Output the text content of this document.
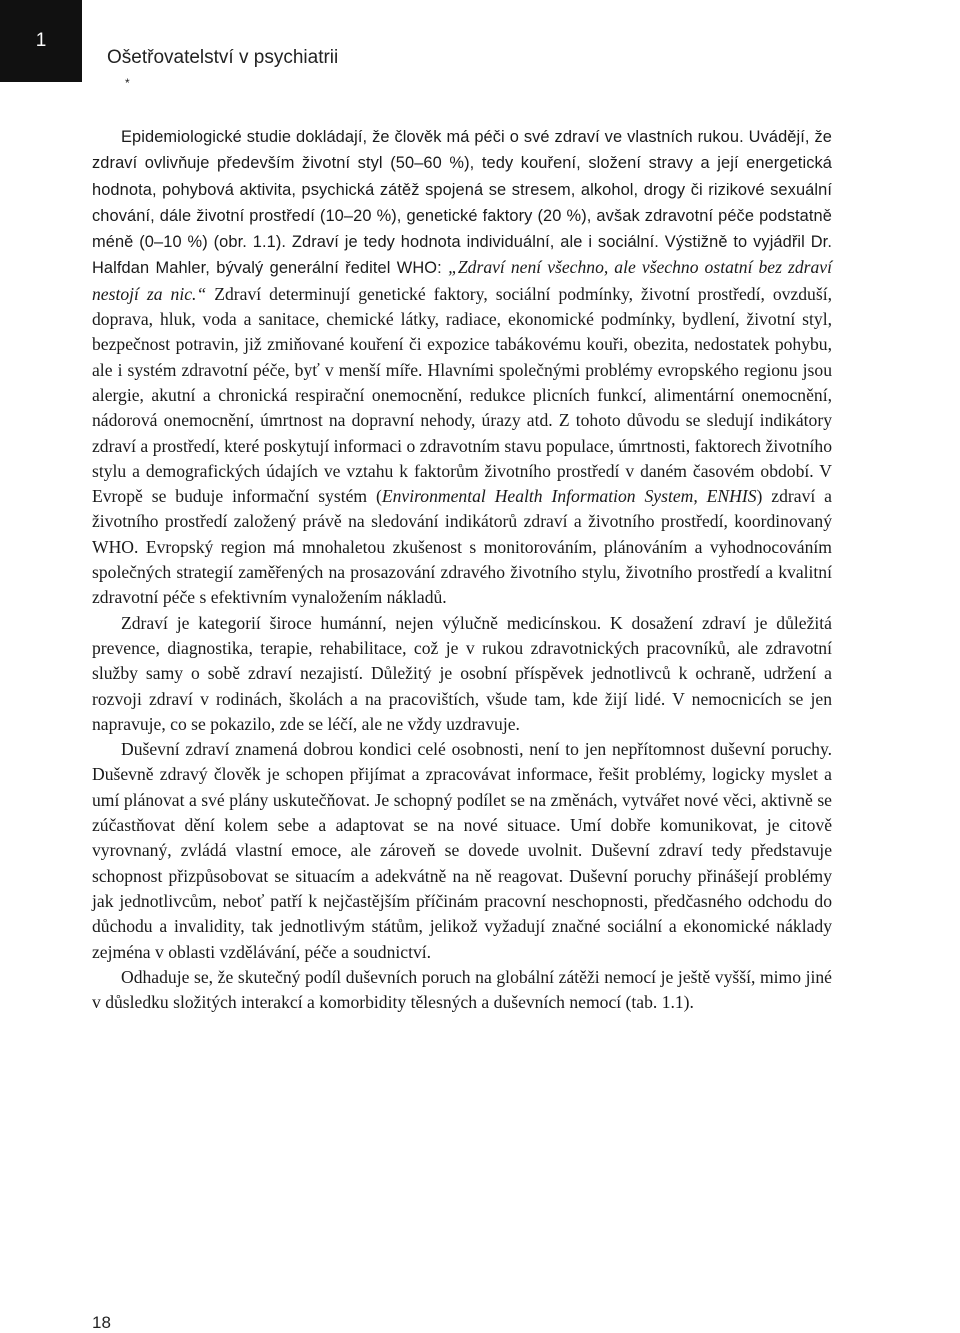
1
Ošetřovatelství v psychiatrii
*

Epidemiologické studie dokládají, že člověk má péči o své zdraví ve vlastních rukou. Uvádějí, že zdraví ovlivňuje především životní styl (50–60 %), tedy kouření, složení stravy a její energetická hodnota, pohybová aktivita, psychická zátěž spojená se stresem, alkohol, drogy či rizikové sexuální chování, dále životní prostředí (10–20 %), genetické faktory (20 %), avšak zdravotní péče podstatně méně (0–10 %) (obr. 1.1). Zdraví je tedy hodnota individuální, ale i sociální. Výstižně to vyjádřil Dr. Halfdan Mahler, bývalý generální ředitel WHO: „Zdraví není všechno, ale všechno ostatní bez zdraví nestojí za nic.“ Zdraví determinují genetické faktory, sociální podmínky, životní prostředí, ovzduší, doprava, hluk, voda a sanitace, chemické látky, radiace, ekonomické podmínky, bydlení, životní styl, bezpečnost potravin, již zmiňované kouření či expozice tabákovému kouři, obezita, nedostatek pohybu, ale i systém zdravotní péče, byť v menší míře. Hlavními společnými problémy evropského regionu jsou alergie, akutní a chronická respirační onemocnění, redukce plicních funkcí, alimentární onemocnění, nádorová onemocnění, úmrtnost na dopravní nehody, úrazy atd. Z tohoto důvodu se sledují indikátory zdraví a prostředí, které poskytují informaci o zdravotním stavu populace, úmrtnosti, faktorech životního stylu a demografických údajích ve vztahu k faktorům životního prostředí v daném časovém období. V Evropě se buduje informační systém (Environmental Health Information System, ENHIS) zdraví a životního prostředí založený právě na sledování indikátorů zdraví a životního prostředí, koordinovaný WHO. Evropský region má mnohaletou zkušenost s monitorováním, plánováním a vyhodnocováním společných strategií zaměřených na prosazování zdravého životního stylu, životního prostředí a kvalitní zdravotní péče s efektivním vynaložením nákladů.

Zdraví je kategorií široce humánní, nejen výlučně medicínskou. K dosažení zdraví je důležitá prevence, diagnostika, terapie, rehabilitace, což je v rukou zdravotnických pracovníků, ale zdravotní služby samy o sobě zdraví nezajistí. Důležitý je osobní příspěvek jednotlivců k ochraně, udržení a rozvoji zdraví v rodinách, školách a na pracovištích, všude tam, kde žijí lidé. V nemocnicích se jen napravuje, co se pokazilo, zde se léčí, ale ne vždy uzdravuje.

Duševní zdraví znamená dobrou kondici celé osobnosti, není to jen nepřítomnost duševní poruchy. Duševně zdravý člověk je schopen přijímat a zpracovávat informace, řešit problémy, logicky myslet a umí plánovat a své plány uskutečňovat. Je schopný podílet se na změnách, vytvářet nové věci, aktivně se zúčastňovat dění kolem sebe a adaptovat se na nové situace. Umí dobře komunikovat, je citově vyrovnaný, zvládá vlastní emoce, ale zároveň se dovede uvolnit. Duševní zdraví tedy představuje schopnost přizpůsobovat se situacím a adekvátně na ně reagovat. Duševní poruchy přinášejí problémy jak jednotlivcům, neboť patří k nejčastějším příčinám pracovní neschopnosti, předčasného odchodu do důchodu a invalidity, tak jednotlivým státům, jelikož vyžadují značné sociální a ekonomické náklady zejména v oblasti vzdělávání, péče a soudnictví.

Odhaduje se, že skutečný podíl duševních poruch na globální zátěži nemocí je ještě vyšší, mimo jiné v důsledku složitých interakcí a komorbidity tělesných a duševních nemocí (tab. 1.1).

18
